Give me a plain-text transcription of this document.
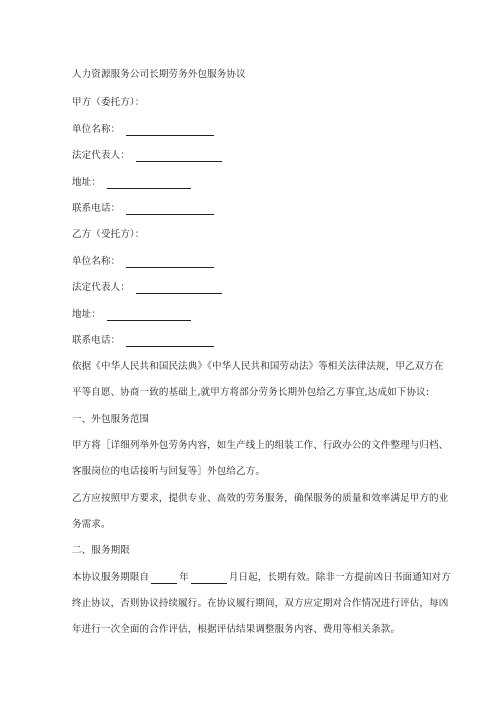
人力资源服务公司长期劳务外包服务协议
甲方（委托方）：
单位名称：
法定代表人：
地址：
联系电话：
乙方（受托方）：
单位名称：
法定代表人：
地址：
联系电话：
依据《中华人民共和国民法典》《中华人民共和国劳动法》等相关法律法规，甲乙双方在
平等自愿、协商一致的基础上,就甲方将部分劳务长期外包给乙方事宜,达成如下协议:
一、外包服务范围
甲方将［详细列举外包劳务内容，如生产线上的组装工作、行政办公的文件整理与归档、
客服岗位的电话接听与回复等］外包给乙方。
乙方应按照甲方要求，提供专业、高效的劳务服务，确保服务的质量和效率满足甲方的业
务需求。
二、服务期限
本协议服务期限自	年	月日起，长期有效。除非一方提前凶日书面通知对方
终止协议，否则协议持续履行。在协议履行期间，双方应定期对合作情况进行评估，每凶
年进行一次全面的合作评估，根据评估结果调整服务内容、费用等相关条款。
